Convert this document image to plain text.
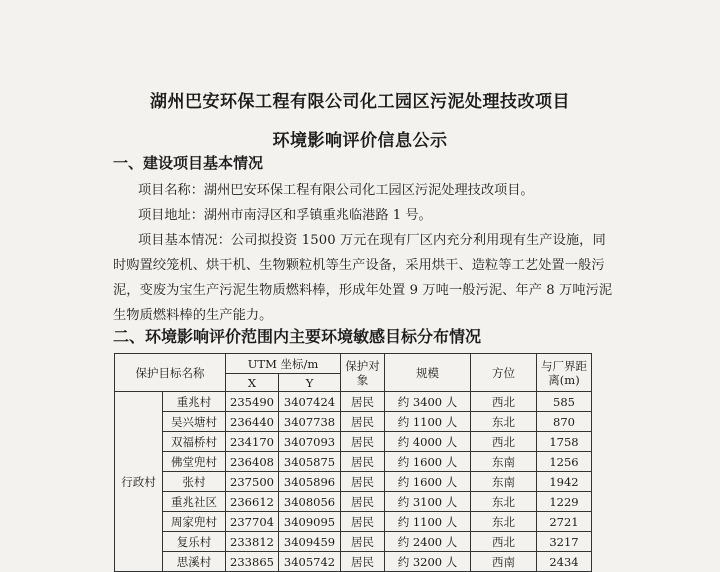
湖州巴安环保工程有限公司化工园区污泥处理技改项目
环境影响评价信息公示
一、建设项目基本情况
项目名称：湖州巴安环保工程有限公司化工园区污泥处理技改项目。
项目地址：湖州市南浔区和孚镇重兆临港路 1 号。
项目基本情况：公司拟投资 1500 万元在现有厂区内充分利用现有生产设施，同时购置绞笼机、烘干机、生物颗粒机等生产设备，采用烘干、造粒等工艺处置一般污泥，变废为宝生产污泥生物质燃料棒，形成年处置 9 万吨一般污泥、年产 8 万吨污泥生物质燃料棒的生产能力。
二、环境影响评价范围内主要环境敏感目标分布情况
保护目标名称		UTM 坐标/m		保护对象	规模	方位	与厂界距离(m)
		X	Y				
行政村	重兆村	235490	3407424	居民	约 3400 人	西北	585
	吴兴塘村	236440	3407738	居民	约 1100 人	东北	870
	双福桥村	234170	3407093	居民	约 4000 人	西北	1758
	佛堂兜村	236408	3405875	居民	约 1600 人	东南	1256
	张村	237500	3405896	居民	约 1600 人	东南	1942
	重兆社区	236612	3408056	居民	约 3100 人	东北	1229
	周家兜村	237704	3409095	居民	约 1100 人	东北	2721
	复乐村	233812	3409459	居民	约 2400 人	西北	3217
	思溪村	233865	3405742	居民	约 3200 人	西南	2434
